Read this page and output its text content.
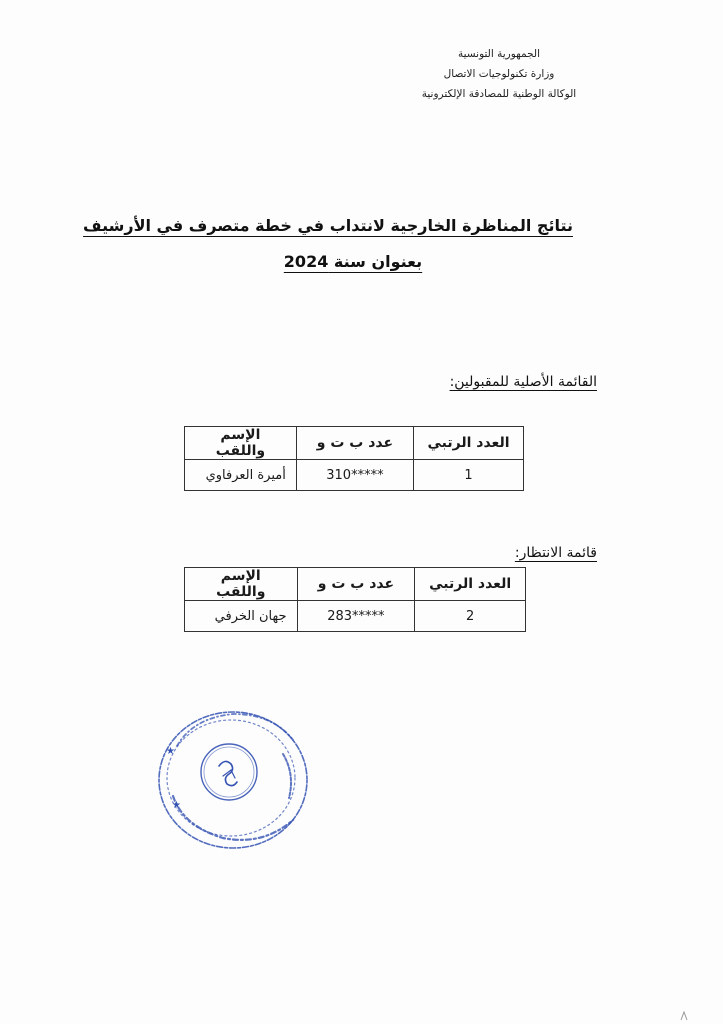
الجمهورية التونسية
وزارة تكنولوجيات الاتصال
الوكالة الوطنية للمصادقة الإلكترونية
نتائج المناظرة الخارجية لانتداب في خطة متصرف في الأرشيف
بعنوان سنة 2024
القائمة الأصلية للمقبولين:
العدد الرتبي	عدد ب ت و	الإسم واللقب
1	310*****	أميرة العرفاوي
قائمة الانتظار:
العدد الرتبي	عدد ب ت و	الإسم واللقب
2	283*****	جهان الخرفي
★
★
